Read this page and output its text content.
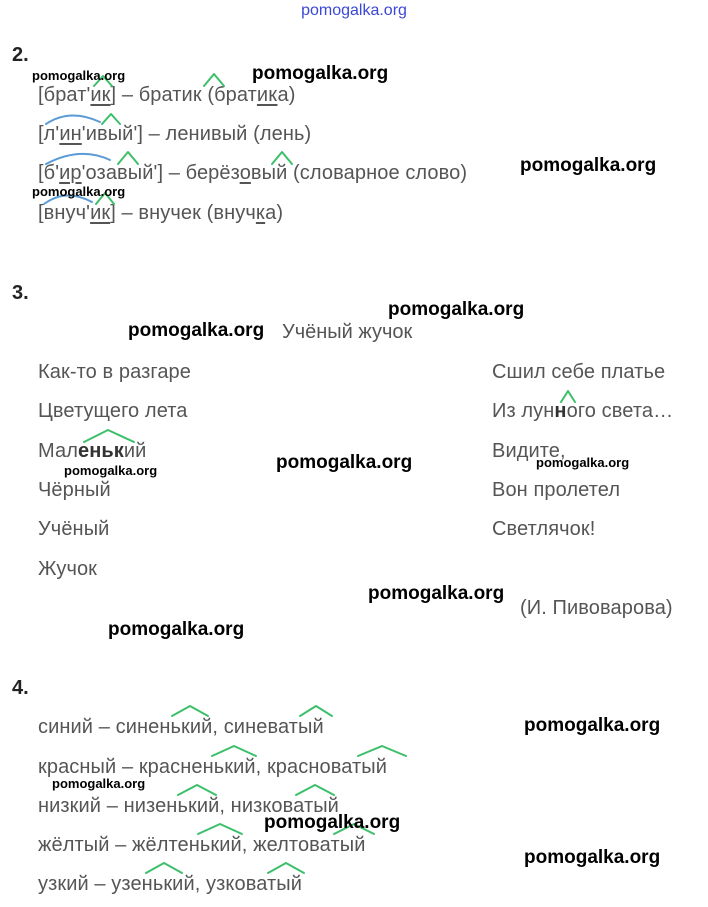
pomogalka.org
2.
[брат'ик] – братик (братика)
[л'ин'ивый'] – ленивый (лень)
[б'ир'озавый'] – берёзовый (словарное слово)
[внуч'ик] – внучек (внучка)
3.
Учёный жучок
Как-то в разгаре
Цветущего лета
Маленький
Чёрный
Учёный
Жучок
Сшил себе платье
Из лунного света…
Видите,
Вон пролетел
Светлячок!
(И. Пивоварова)
4.
синий – синенький, синеватый
красный – красненький, красноватый
низкий – низенький, низковатый
жёлтый – жёлтенький, желтоватый
узкий – узенький, узковатый
pomogalka.org	pomogalka.org
pomogalka.org
pomogalka.org
pomogalka.org
pomogalka.org
pomogalka.org
pomogalka.org
pomogalka.org
pomogalka.org
pomogalka.org
pomogalka.org
pomogalka.org
pomogalka.org
pomogalka.org
